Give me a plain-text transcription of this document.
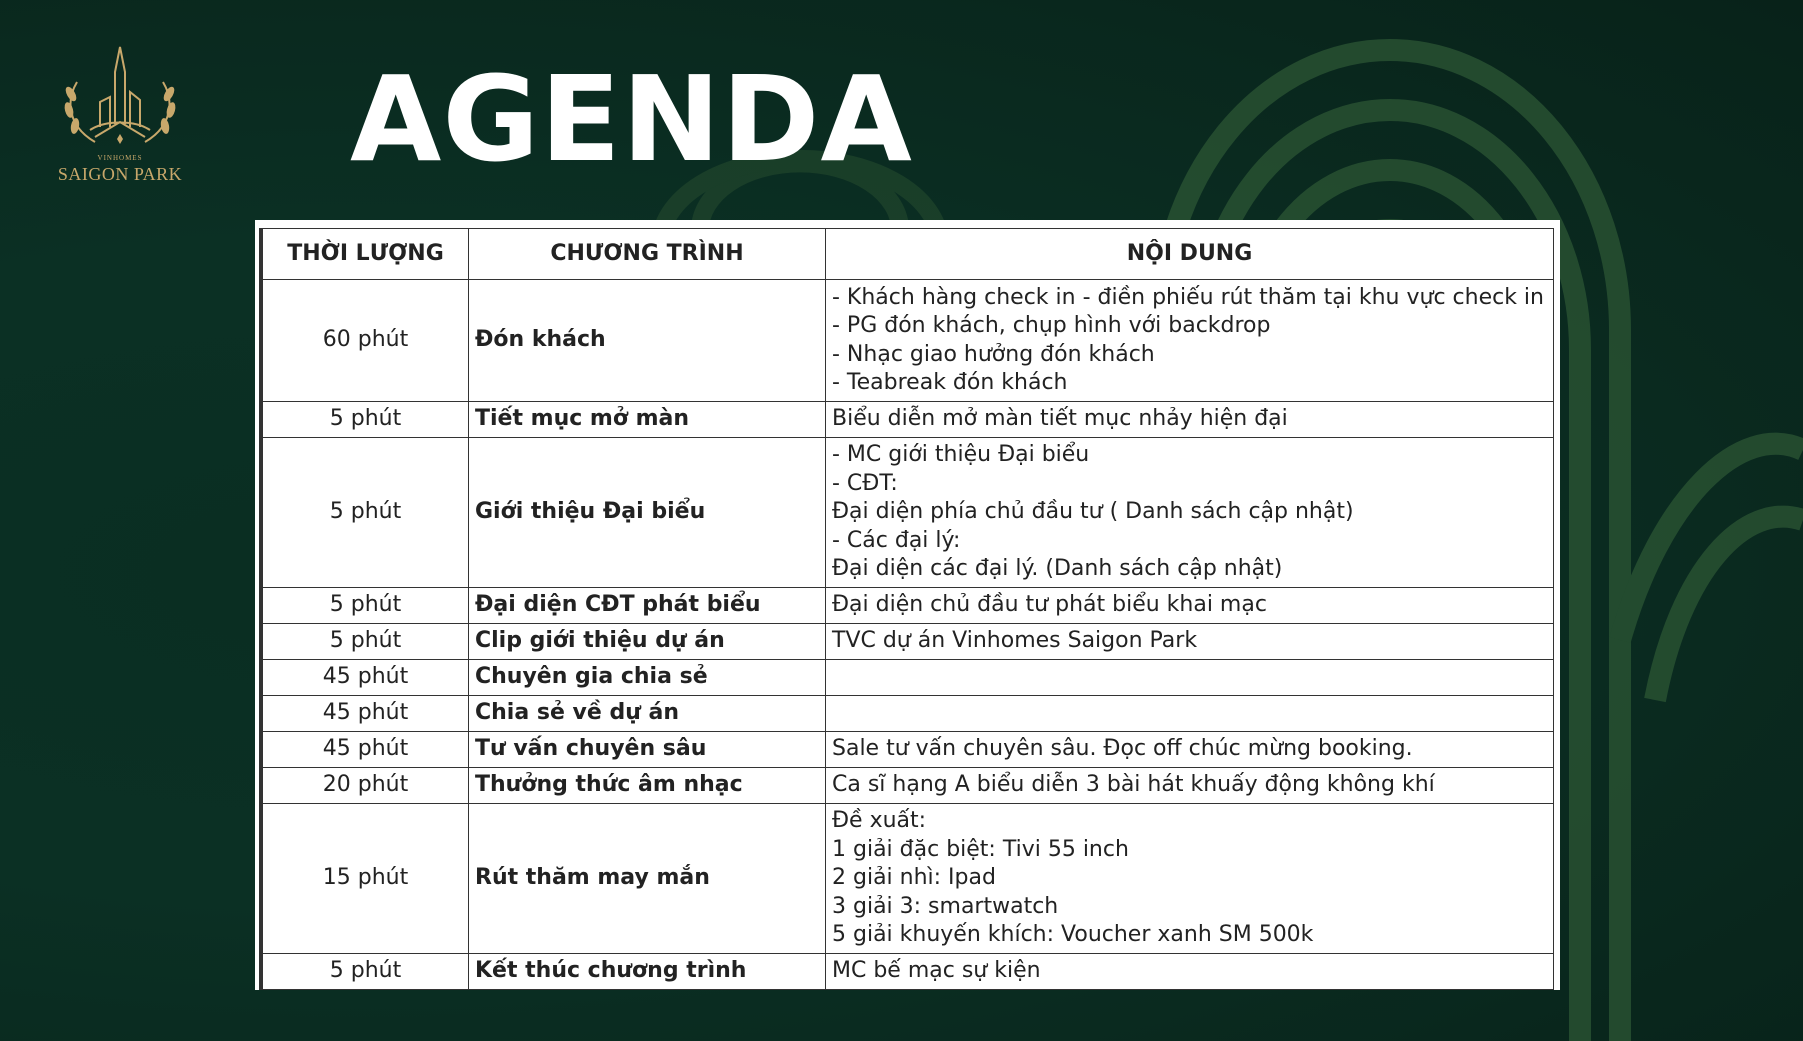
VINHOMES
SAIGON PARK AGENDA
THỜI LƯỢNG	CHƯƠNG TRÌNH	NỘI DUNG
60 phút	Đón khách	- Khách hàng check in - điền phiếu rút thăm tại khu vực check in
- PG đón khách, chụp hình với backdrop
- Nhạc giao hưởng đón khách
- Teabreak đón khách
5 phút	Tiết mục mở màn	Biểu diễn mở màn tiết mục nhảy hiện đại
5 phút	Giới thiệu Đại biểu	- MC giới thiệu Đại biểu
- CĐT:
Đại diện phía chủ đầu tư ( Danh sách cập nhật)
- Các đại lý:
Đại diện các đại lý. (Danh sách cập nhật)
5 phút	Đại diện CĐT phát biểu	Đại diện chủ đầu tư phát biểu khai mạc
5 phút	Clip giới thiệu dự án	TVC dự án Vinhomes Saigon Park
45 phút	Chuyên gia chia sẻ	
45 phút	Chia sẻ về dự án	
45 phút	Tư vấn chuyên sâu	Sale tư vấn chuyên sâu. Đọc off chúc mừng booking.
20 phút	Thưởng thức âm nhạc	Ca sĩ hạng A biểu diễn 3 bài hát khuấy động không khí
15 phút	Rút thăm may mắn	Đề xuất:
1 giải đặc biệt: Tivi 55 inch
2 giải nhì: Ipad
3 giải 3: smartwatch
5 giải khuyến khích: Voucher xanh SM 500k
5 phút	Kết thúc chương trình	MC bế mạc sự kiện
